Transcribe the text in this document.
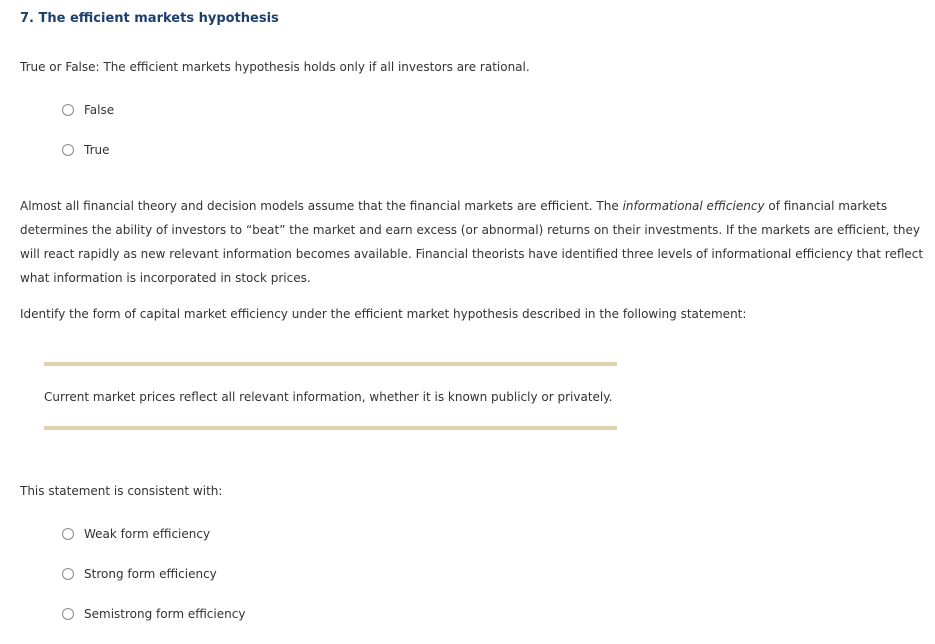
7. The efficient markets hypothesis
True or False: The efficient markets hypothesis holds only if all investors are rational.
False
True

Almost all financial theory and decision models assume that the financial markets are efficient. The informational efficiency of financial markets determines the ability of investors to “beat” the market and earn excess (or abnormal) returns on their investments. If the markets are efficient, they will react rapidly as new relevant information becomes available. Financial theorists have identified three levels of informational efficiency that reflect what information is incorporated in stock prices.

Identify the form of capital market efficiency under the efficient market hypothesis described in the following statement:

Current market prices reflect all relevant information, whether it is known publicly or privately.
This statement is consistent with:
Weak form efficiency
Strong form efficiency
Semistrong form efficiency
